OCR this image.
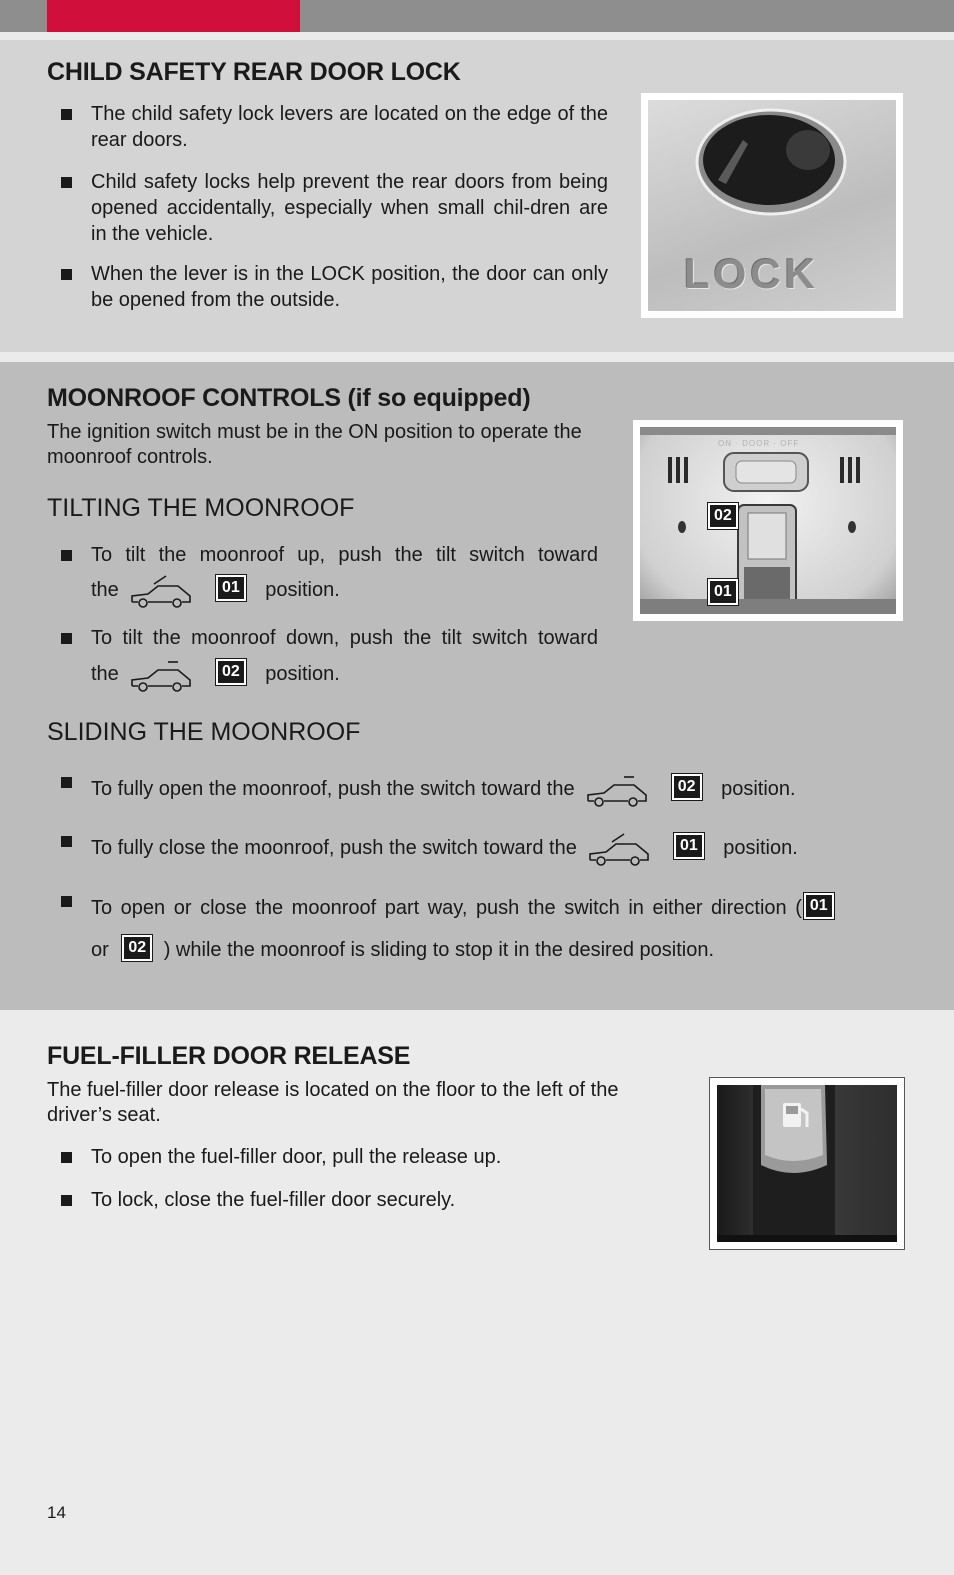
CHILD SAFETY REAR DOOR LOCK

The child safety lock levers are located on the edge of the rear doors.

Child safety locks help prevent the rear doors from being opened accidentally, especially when small chil-dren are in the vehicle.

When the lever is in the LOCK position, the door can only be opened from the outside.

LOCK
MOONROOF CONTROLS (if so equipped)

The ignition switch must be in the ON position to operate the moonroof controls.

TILTING THE MOONROOF

To tilt the moonroof up, push the tilt switch toward

the	01 position.

To tilt the moonroof down, push the tilt switch toward

the	02 position.
ON · DOOR · OFF
02
01
SLIDING THE MOONROOF
To fully open the moonroof, push the switch toward the	02 position.
To fully close the moonroof, push the switch toward the	01 position.
To open or close the moonroof part way, push the switch in either direction ( 01
or 02 ) while the moonroof is sliding to stop it in the desired position.
FUEL-FILLER DOOR RELEASE

The fuel-filler door release is located on the floor to the left of the driver’s seat.

To open the fuel-filler door, pull the release up.

To lock, close the fuel-filler door securely.

14
